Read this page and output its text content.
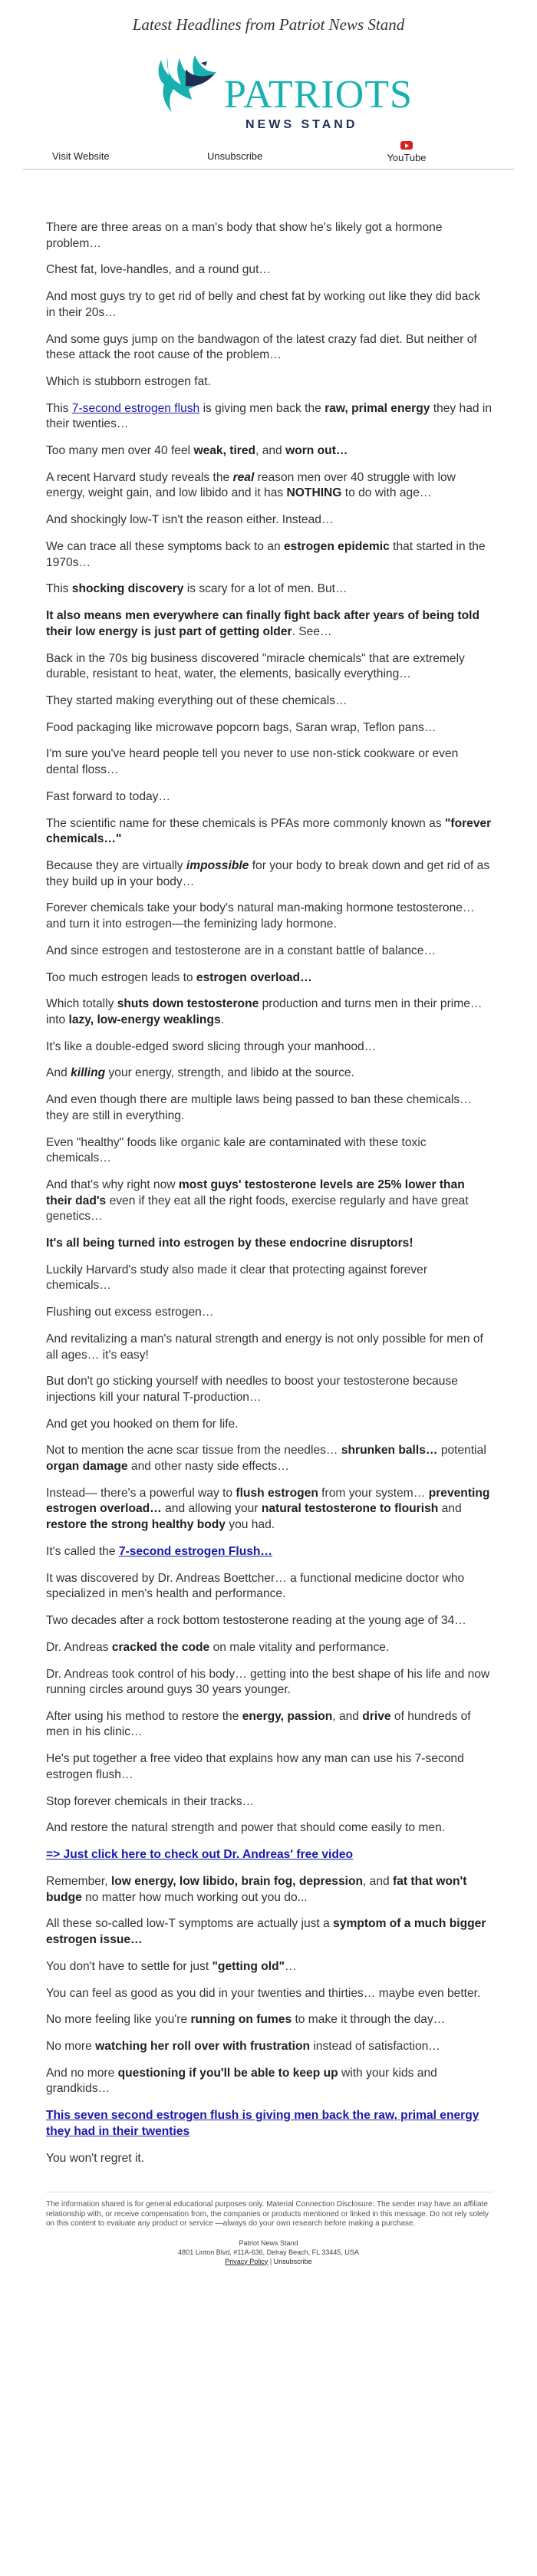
Latest Headlines from Patriot News Stand
PATRIOTS
NEWS STAND
Visit Website	Unsubscribe	YouTube

There are three areas on a man's body that show he's likely got a hormone problem…

Chest fat, love-handles, and a round gut…

And most guys try to get rid of belly and chest fat by working out like they did back in their 20s…

And some guys jump on the bandwagon of the latest crazy fad diet. But neither of these attack the root cause of the problem…

Which is stubborn estrogen fat.

This 7-second estrogen flush is giving men back the raw, primal energy they had in their twenties…

Too many men over 40 feel weak, tired, and worn out…

A recent Harvard study reveals the real reason men over 40 struggle with low energy, weight gain, and low libido and it has NOTHING to do with age…

And shockingly low-T isn't the reason either. Instead…

We can trace all these symptoms back to an estrogen epidemic that started in the 1970s…

This shocking discovery is scary for a lot of men. But…

It also means men everywhere can finally fight back after years of being told their low energy is just part of getting older. See…

Back in the 70s big business discovered "miracle chemicals" that are extremely durable, resistant to heat, water, the elements, basically everything…

They started making everything out of these chemicals…

Food packaging like microwave popcorn bags, Saran wrap, Teflon pans…

I'm sure you've heard people tell you never to use non-stick cookware or even dental floss…

Fast forward to today…

The scientific name for these chemicals is PFAs more commonly known as "forever chemicals…"

Because they are virtually impossible for your body to break down and get rid of as they build up in your body…

Forever chemicals take your body's natural man-making hormone testosterone… and turn it into estrogen—the feminizing lady hormone.

And since estrogen and testosterone are in a constant battle of balance…

Too much estrogen leads to estrogen overload…

Which totally shuts down testosterone production and turns men in their prime… into lazy, low-energy weaklings.

It's like a double-edged sword slicing through your manhood…

And killing your energy, strength, and libido at the source.

And even though there are multiple laws being passed to ban these chemicals… they are still in everything.

Even "healthy" foods like organic kale are contaminated with these toxic chemicals…

And that's why right now most guys' testosterone levels are 25% lower than their dad's even if they eat all the right foods, exercise regularly and have great genetics…

It's all being turned into estrogen by these endocrine disruptors!

Luckily Harvard's study also made it clear that protecting against forever chemicals…

Flushing out excess estrogen…

And revitalizing a man's natural strength and energy is not only possible for men of all ages… it's easy!

But don't go sticking yourself with needles to boost your testosterone because injections kill your natural T-production…

And get you hooked on them for life.

Not to mention the acne scar tissue from the needles… shrunken balls… potential organ damage and other nasty side effects…

Instead— there's a powerful way to flush estrogen from your system… preventing estrogen overload… and allowing your natural testosterone to flourish and restore the strong healthy body you had.

It's called the 7-second estrogen Flush…

It was discovered by Dr. Andreas Boettcher… a functional medicine doctor who specialized in men's health and performance.

Two decades after a rock bottom testosterone reading at the young age of 34…

Dr. Andreas cracked the code on male vitality and performance.

Dr. Andreas took control of his body… getting into the best shape of his life and now running circles around guys 30 years younger.

After using his method to restore the energy, passion, and drive of hundreds of men in his clinic…

He's put together a free video that explains how any man can use his 7-second estrogen flush…

Stop forever chemicals in their tracks…

And restore the natural strength and power that should come easily to men.

=> Just click here to check out Dr. Andreas' free video

Remember, low energy, low libido, brain fog, depression, and fat that won't budge no matter how much working out you do...

All these so-called low-T symptoms are actually just a symptom of a much bigger estrogen issue…

You don't have to settle for just "getting old"…

You can feel as good as you did in your twenties and thirties… maybe even better.

No more feeling like you're running on fumes to make it through the day…

No more watching her roll over with frustration instead of satisfaction…

And no more questioning if you'll be able to keep up with your kids and grandkids…

This seven second estrogen flush is giving men back the raw, primal energy they had in their twenties

You won't regret it.

The information shared is for general educational purposes only. Material Connection Disclosure: The sender may have an affiliate relationship with, or receive compensation from, the companies or products mentioned or linked in this message. Do not rely solely on this content to evaluate any product or service —always do your own research before making a purchase.
Patriot News Stand
4801 Linton Blvd, #11A-636, Delray Beach, FL 33445, USA
Privacy Policy | Unsubscribe
